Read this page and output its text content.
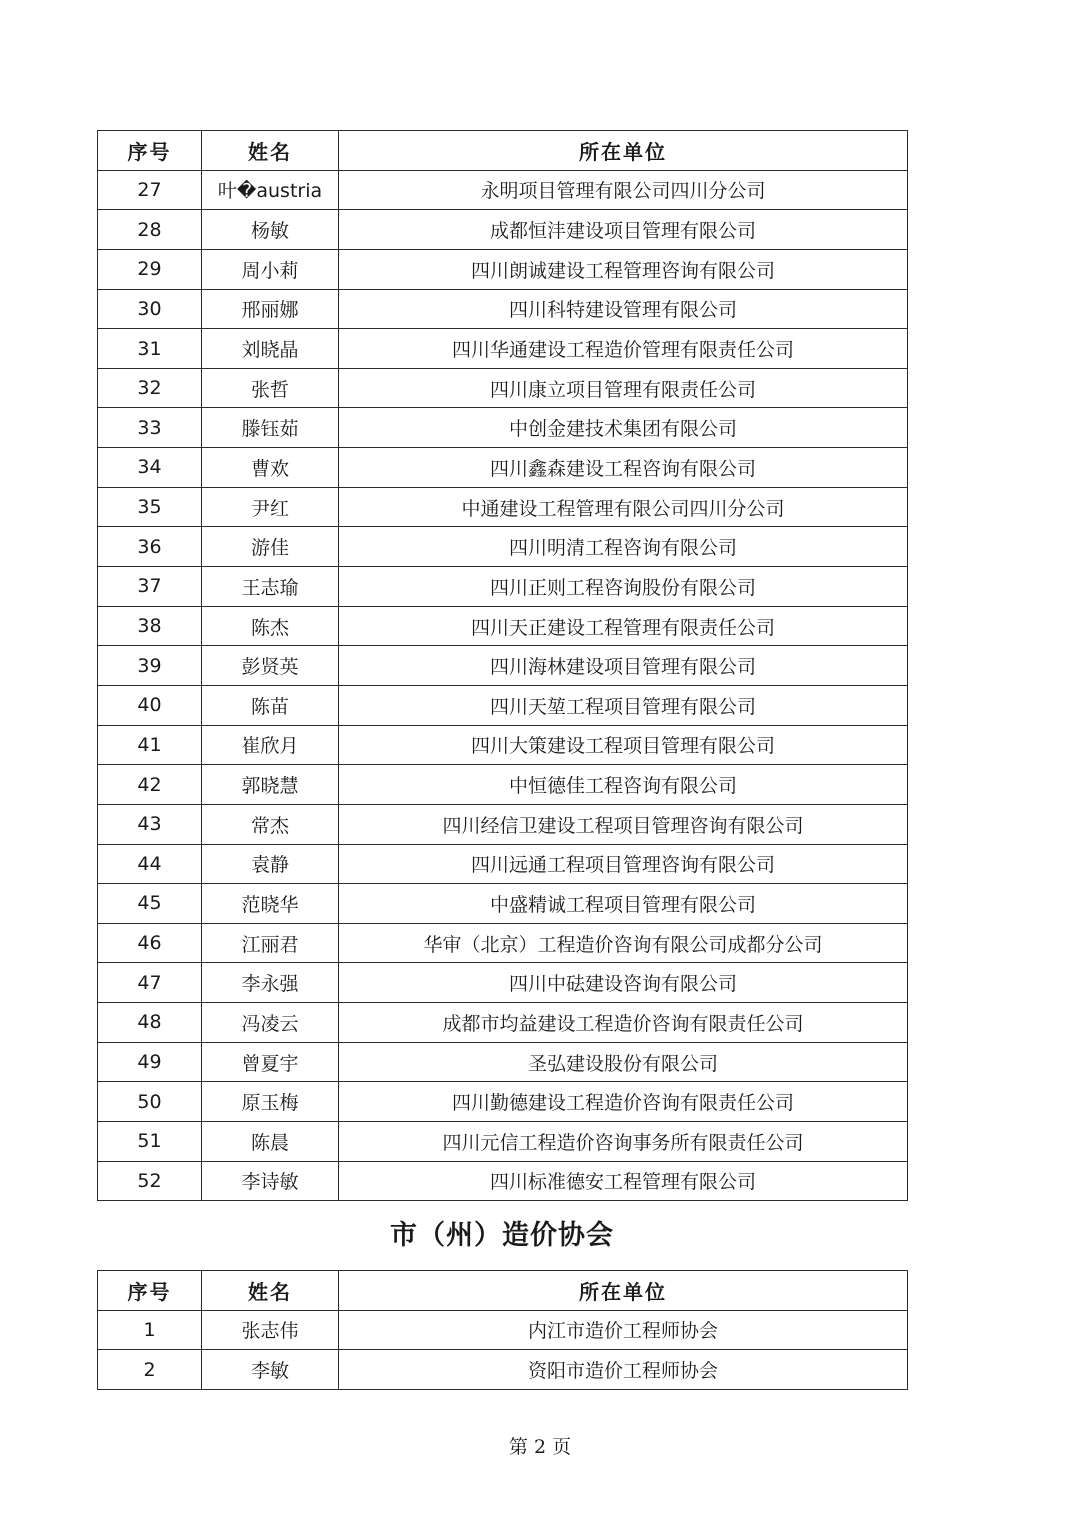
序号	姓名	所在单位
27	叶�austria	永明项目管理有限公司四川分公司
28	杨敏	成都恒沣建设项目管理有限公司
29	周小莉	四川朗诚建设工程管理咨询有限公司
30	邢丽娜	四川科特建设管理有限公司
31	刘晓晶	四川华通建设工程造价管理有限责任公司
32	张哲	四川康立项目管理有限责任公司
33	滕钰茹	中创金建技术集团有限公司
34	曹欢	四川鑫森建设工程咨询有限公司
35	尹红	中通建设工程管理有限公司四川分公司
36	游佳	四川明清工程咨询有限公司
37	王志瑜	四川正则工程咨询股份有限公司
38	陈杰	四川天正建设工程管理有限责任公司
39	彭贤英	四川海林建设项目管理有限公司
40	陈苗	四川天堃工程项目管理有限公司
41	崔欣月	四川大策建设工程项目管理有限公司
42	郭晓慧	中恒德佳工程咨询有限公司
43	常杰	四川经信卫建设工程项目管理咨询有限公司
44	袁静	四川远通工程项目管理咨询有限公司
45	范晓华	中盛精诚工程项目管理有限公司
46	江丽君	华审（北京）工程造价咨询有限公司成都分公司
47	李永强	四川中砝建设咨询有限公司
48	冯凌云	成都市均益建设工程造价咨询有限责任公司
49	曾夏宇	圣弘建设股份有限公司
50	原玉梅	四川勤德建设工程造价咨询有限责任公司
51	陈晨	四川元信工程造价咨询事务所有限责任公司
52	李诗敏	四川标准德安工程管理有限公司
市（州）造价协会
序号	姓名	所在单位
1	张志伟	内江市造价工程师协会
2	李敏	资阳市造价工程师协会
第 2 页
